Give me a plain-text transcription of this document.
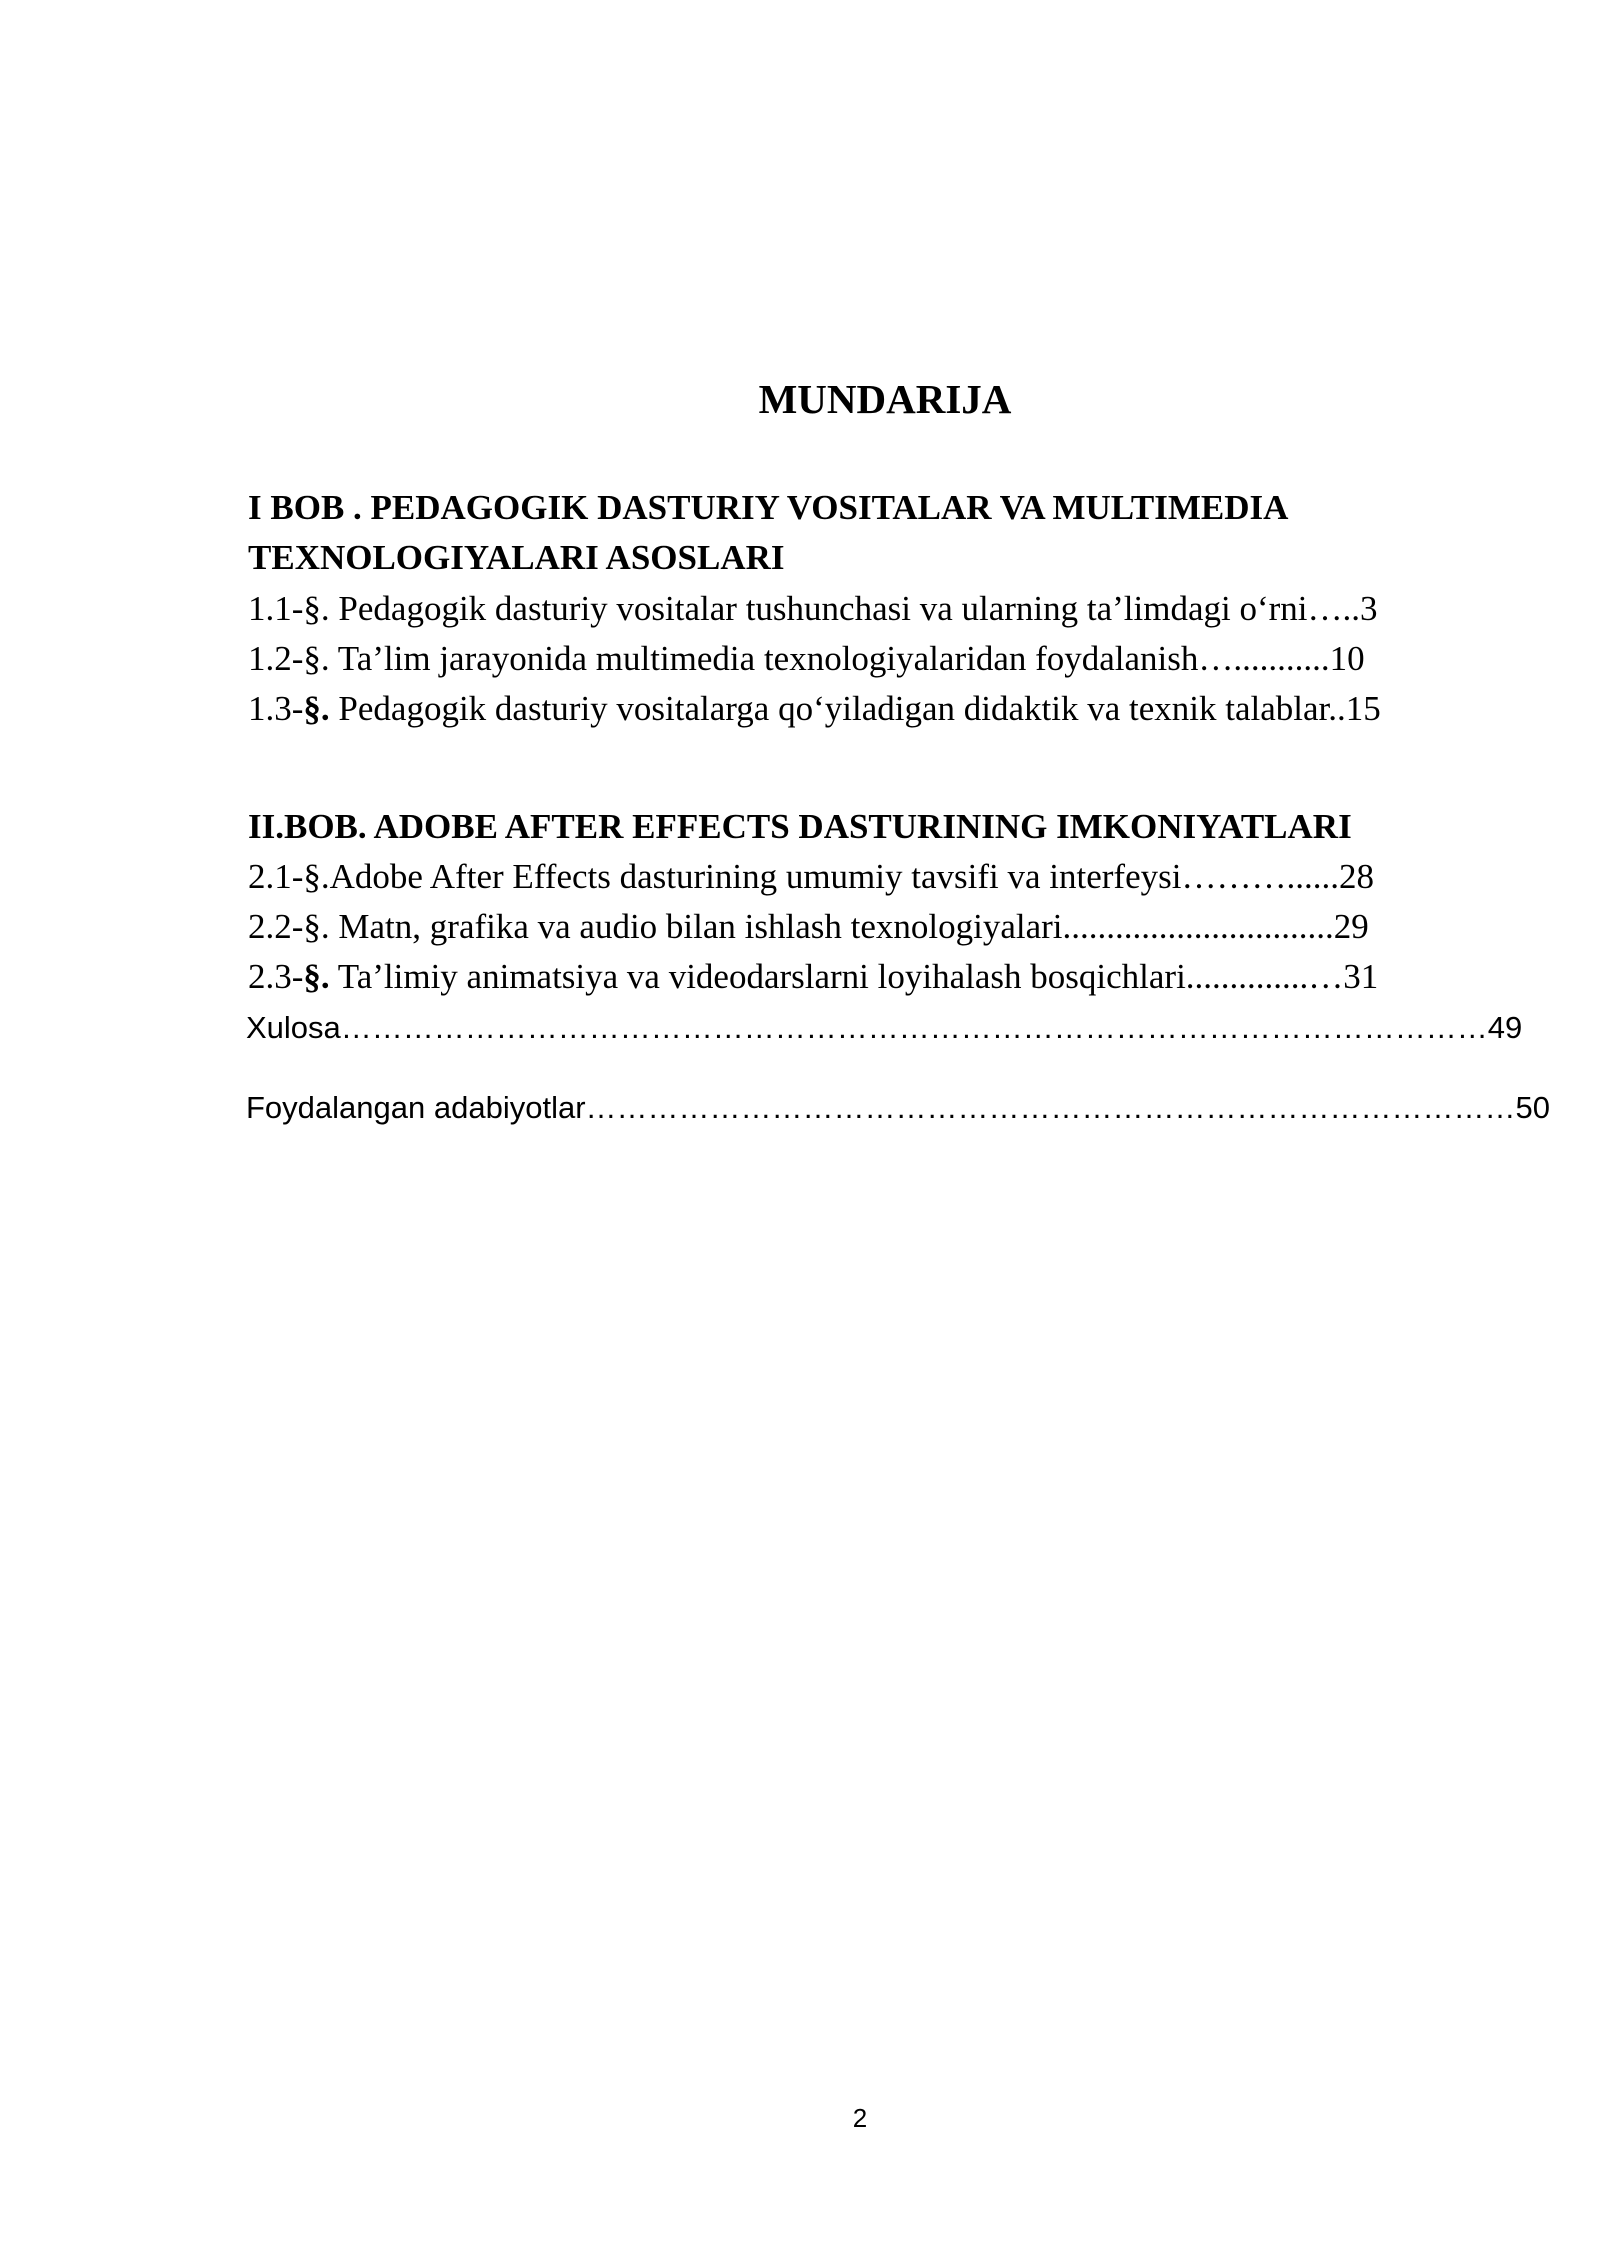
MUNDARIJA
I BOB . PEDAGOGIK DASTURIY VOSITALAR VA MULTIMEDIA
TEXNOLOGIYALARI ASOSLARI
1.1-§. Pedagogik dasturiy vositalar tushunchasi va ularning ta’limdagi o‘rni…..3
1.2-§. Ta’lim jarayonida multimedia texnologiyalaridan foydalanish…...........10
1.3-§. Pedagogik dasturiy vositalarga qo‘yiladigan didaktik va texnik talablar..15
II.BOB. ADOBE AFTER EFFECTS DASTURINING IMKONIYATLARI
2.1-§.Adobe After Effects dasturining umumiy tavsifi va interfeysi………......28
2.2-§. Matn, grafika va audio bilan ishlash texnologiyalari...............................29
2.3-§. Ta’limiy animatsiya va videodarslarni loyihalash bosqichlari..............…31
Xulosa…………………………………………………………………………………………………49
Foydalangan adabiyotlar………………………………………………………………………………50
2
